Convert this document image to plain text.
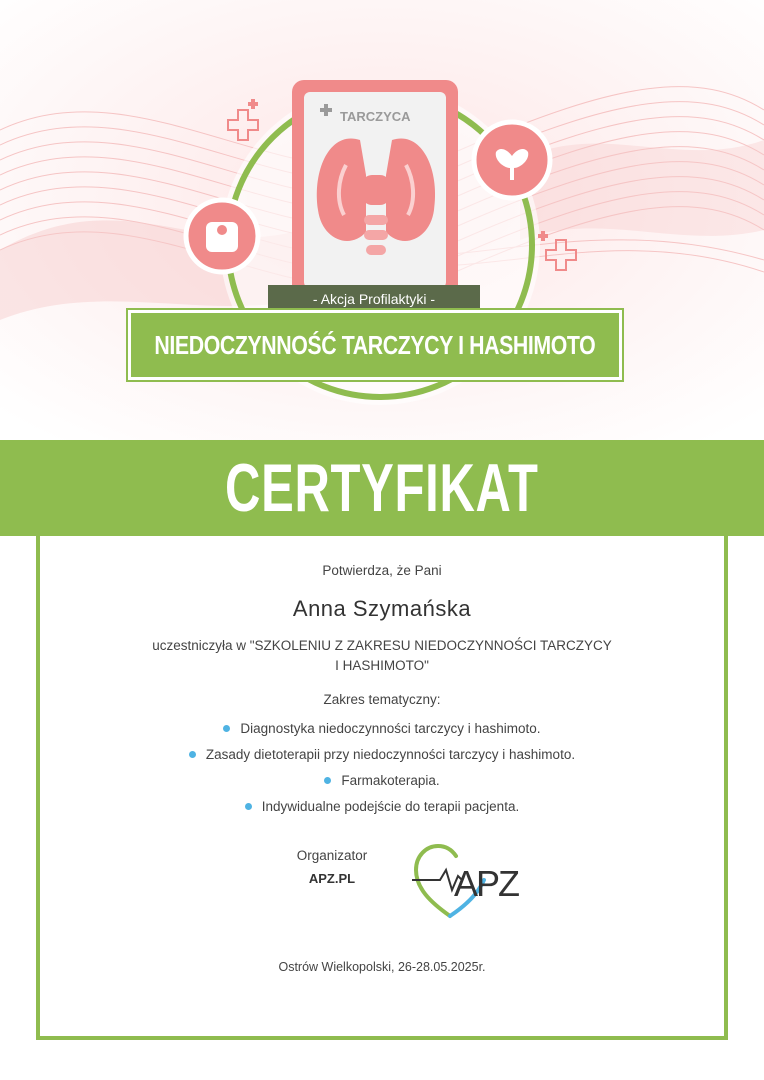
TARCZYCA
- Akcja Profilaktyki -
NIEDOCZYNNOŚĆ TARCZYCY I HASHIMOTO
CERTYFIKAT
Potwierdza, że Pani
Anna Szymańska
uczestniczyła w "SZKOLENIU Z ZAKRESU NIEDOCZYNNOŚCI TARCZYCY
I HASHIMOTO"
Zakres tematyczny:
Diagnostyka niedoczynności tarczycy i hashimoto.
Zasady dietoterapii przy niedoczynności tarczycy i hashimoto.
Farmakoterapia.
Indywidualne podejście do terapii pacjenta.
Organizator
APZ.PL	APZ
Ostrów Wielkopolski, 26-28.05.2025r.
